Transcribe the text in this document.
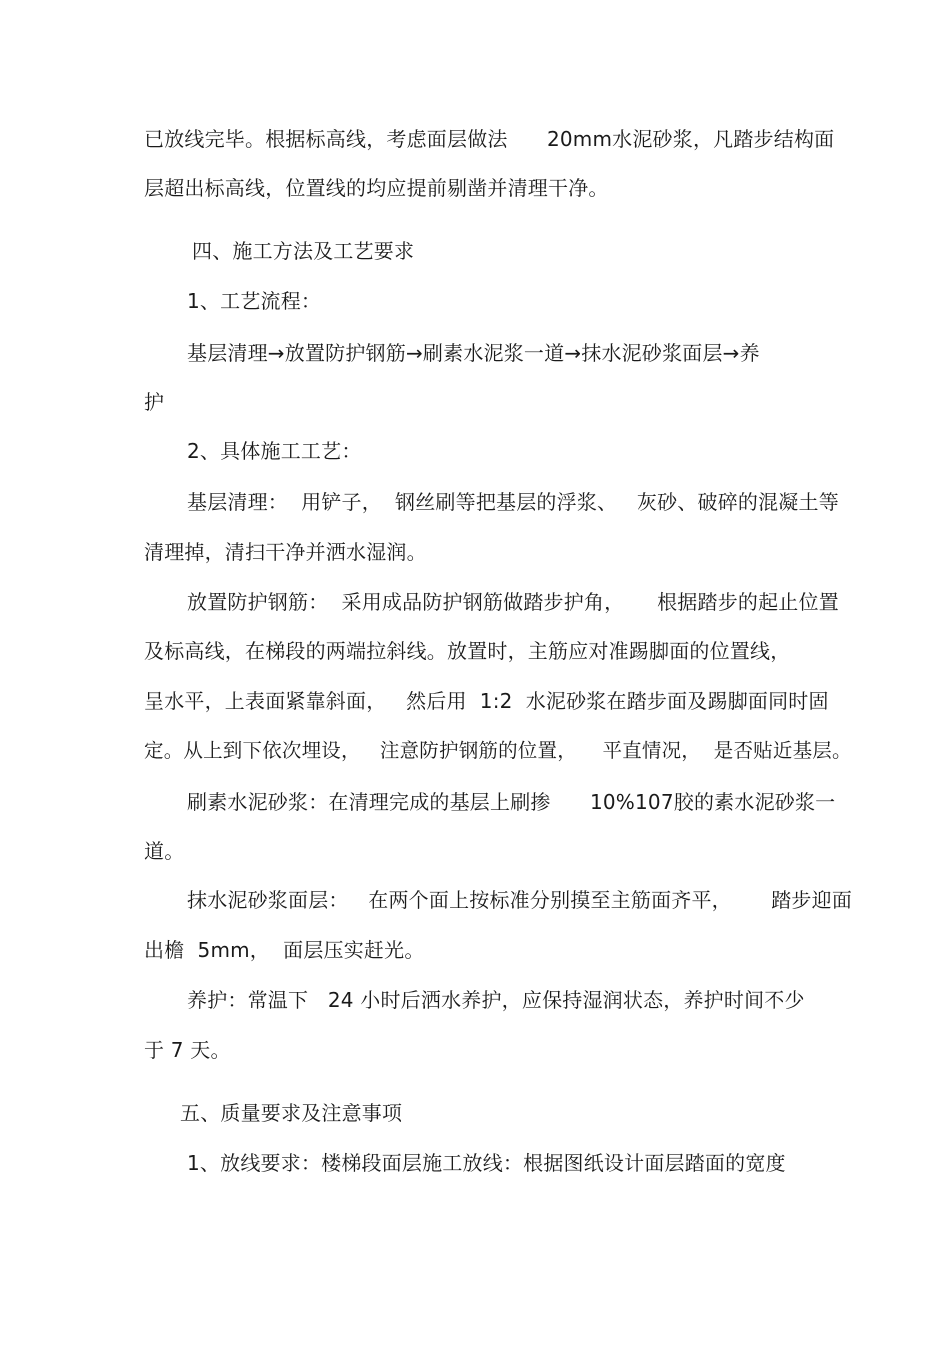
已放线完毕。根据标高线，考虑面层做法      20mm水泥砂浆，凡踏步结构面
层超出标高线，位置线的均应提前剔凿并清理干净。
四、施工方法及工艺要求
1、工艺流程：
基层清理→放置防护钢筋→刷素水泥浆一道→抹水泥砂浆面层→养
护
2、具体施工工艺：
基层清理：  用铲子，  钢丝刷等把基层的浮浆、   灰砂、破碎的混凝土等
清理掉，清扫干净并洒水湿润。
放置防护钢筋：  采用成品防护钢筋做踏步护角，     根据踏步的起止位置
及标高线，在梯段的两端拉斜线。放置时，主筋应对准踢脚面的位置线，
呈水平，上表面紧靠斜面，   然后用  1:2  水泥砂浆在踏步面及踢脚面同时固
定。从上到下依次埋设，   注意防护钢筋的位置，    平直情况，  是否贴近基层。
刷素水泥砂浆：在清理完成的基层上刷掺      10%107胶的素水泥砂浆一
道。
抹水泥砂浆面层：   在两个面上按标准分别摸至主筋面齐平，      踏步迎面
出檐  5mm，  面层压实赶光。
养护：常温下   24 小时后洒水养护，应保持湿润状态，养护时间不少
于 7 天。
五、质量要求及注意事项
1、放线要求：楼梯段面层施工放线：根据图纸设计面层踏面的宽度
